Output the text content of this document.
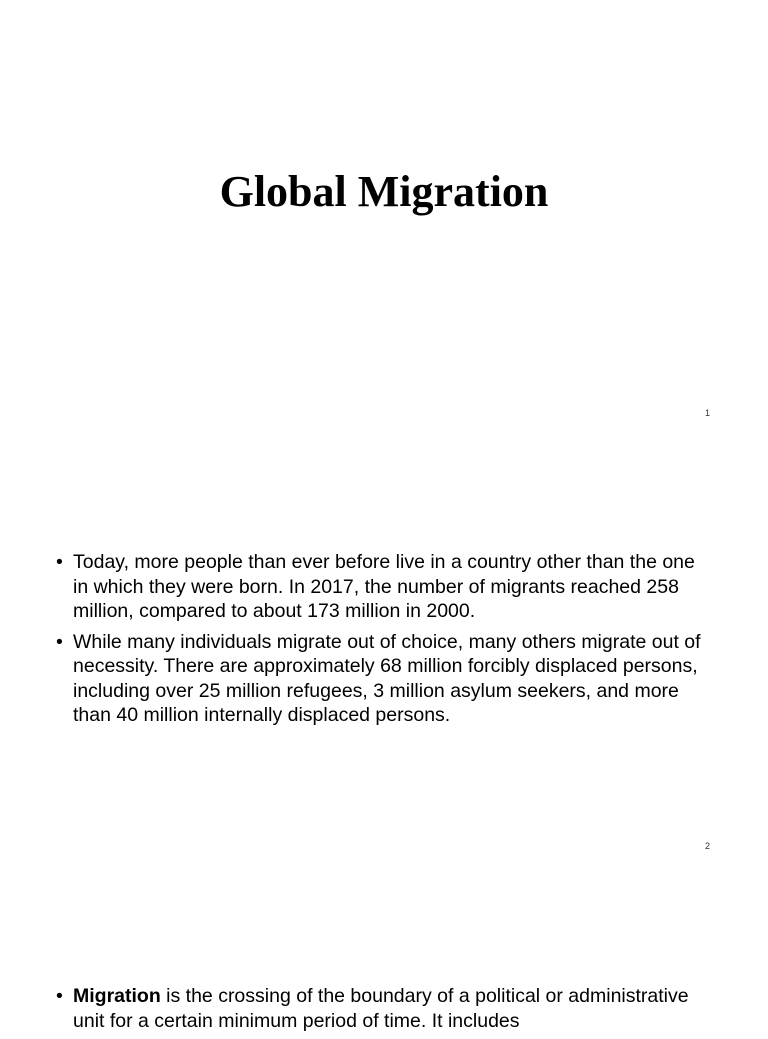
Global Migration
1
• Today, more people than ever before live in a country other than the one in which they were born. In 2017, the number of migrants reached 258 million, compared to about 173 million in 2000.
• While many individuals migrate out of choice, many others migrate out of necessity. There are approximately 68 million forcibly displaced persons, including over 25 million refugees, 3 million asylum seekers, and more than 40 million internally displaced persons.
2
• Migration is the crossing of the boundary of a political or administrative unit for a certain minimum period of time. It includes
